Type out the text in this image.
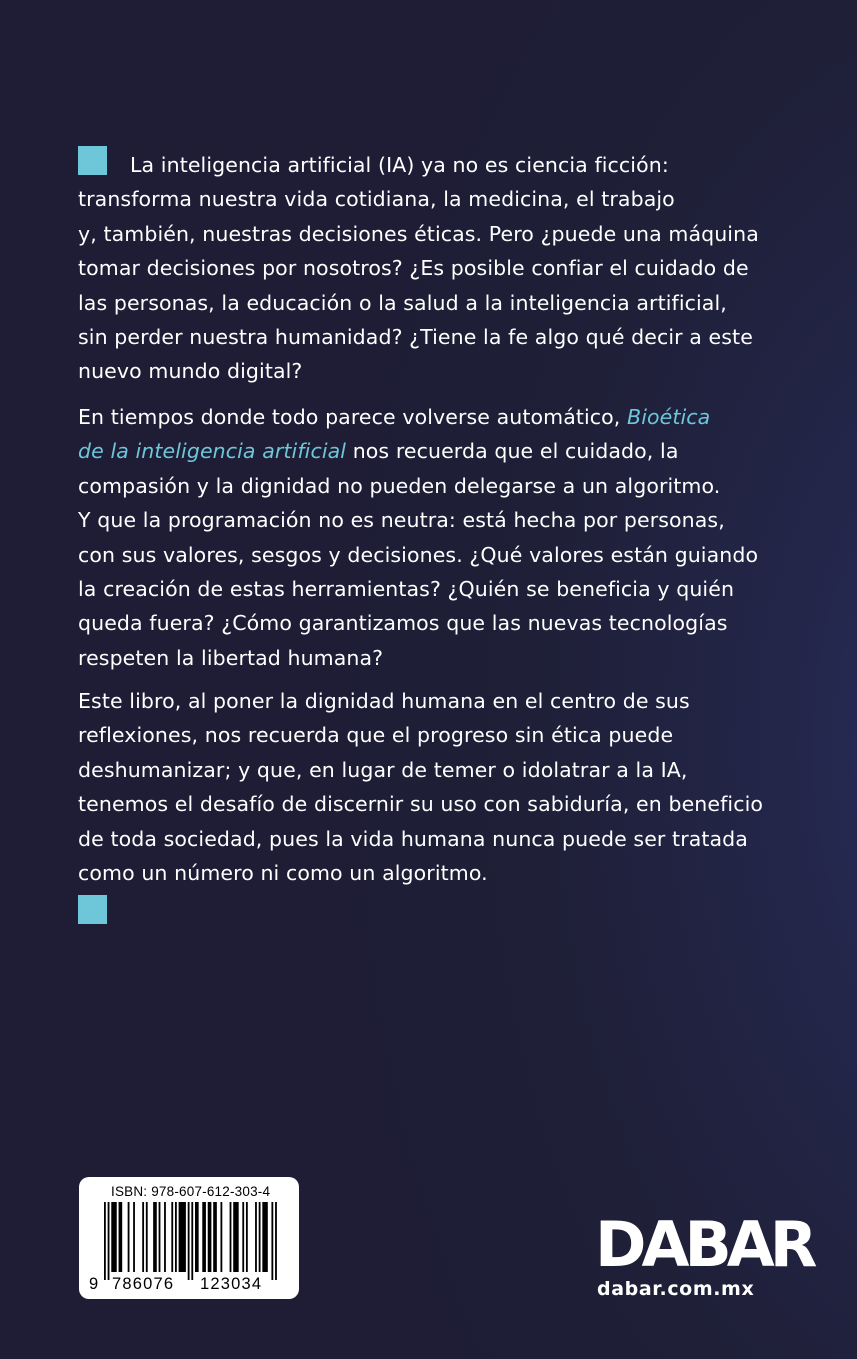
La inteligencia artificial (IA) ya no es ciencia ficción:
transforma nuestra vida cotidiana, la medicina, el trabajo
y, también, nuestras decisiones éticas. Pero ¿puede una máquina
tomar decisiones por nosotros? ¿Es posible confiar el cuidado de
las personas, la educación o la salud a la inteligencia artificial,
sin perder nuestra humanidad? ¿Tiene la fe algo qué decir a este
nuevo mundo digital?
En tiempos donde todo parece volverse automático, Bioética
de la inteligencia artificial nos recuerda que el cuidado, la
compasión y la dignidad no pueden delegarse a un algoritmo.
Y que la programación no es neutra: está hecha por personas,
con sus valores, sesgos y decisiones. ¿Qué valores están guiando
la creación de estas herramientas? ¿Quién se beneficia y quién
queda fuera? ¿Cómo garantizamos que las nuevas tecnologías
respeten la libertad humana?
Este libro, al poner la dignidad humana en el centro de sus
reflexiones, nos recuerda que el progreso sin ética puede
deshumanizar; y que, en lugar de temer o idolatrar a la IA,
tenemos el desafío de discernir su uso con sabiduría, en beneficio
de toda sociedad, pues la vida humana nunca puede ser tratada
como un número ni como un algoritmo.
ISBN: 978-607-612-303-4
9 786076 123034
DABAR
dabar.com.mx
